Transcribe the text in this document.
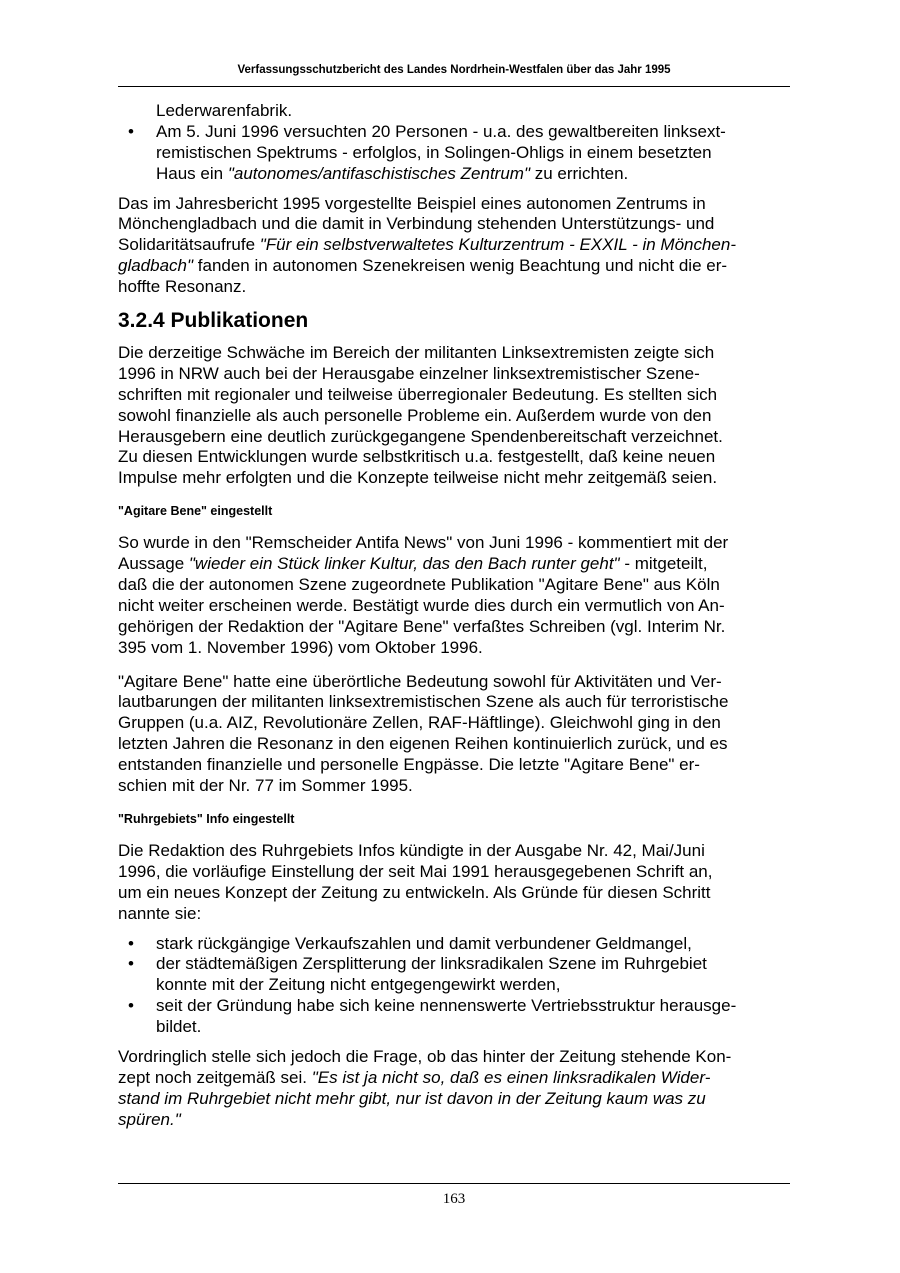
Verfassungsschutzbericht des Landes Nordrhein-Westfalen über das Jahr 1995
Lederwarenfabrik.
• Am 5. Juni 1996 versuchten 20 Personen - u.a. des gewaltbereiten linksext-
remistischen Spektrums - erfolglos, in Solingen-Ohligs in einem besetzten
Haus ein "autonomes/antifaschistisches Zentrum" zu errichten.
Das im Jahresbericht 1995 vorgestellte Beispiel eines autonomen Zentrums in
Mönchengladbach und die damit in Verbindung stehenden Unterstützungs- und
Solidaritätsaufrufe "Für ein selbstverwaltetes Kulturzentrum - EXXIL - in Mönchen-
gladbach" fanden in autonomen Szenekreisen wenig Beachtung und nicht die er-
hoffte Resonanz.
3.2.4 Publikationen
Die derzeitige Schwäche im Bereich der militanten Linksextremisten zeigte sich
1996 in NRW auch bei der Herausgabe einzelner linksextremistischer Szene-
schriften mit regionaler und teilweise überregionaler Bedeutung. Es stellten sich
sowohl finanzielle als auch personelle Probleme ein. Außerdem wurde von den
Herausgebern eine deutlich zurückgegangene Spendenbereitschaft verzeichnet.
Zu diesen Entwicklungen wurde selbstkritisch u.a. festgestellt, daß keine neuen
Impulse mehr erfolgten und die Konzepte teilweise nicht mehr zeitgemäß seien.
"Agitare Bene" eingestellt
So wurde in den "Remscheider Antifa News" von Juni 1996 - kommentiert mit der
Aussage "wieder ein Stück linker Kultur, das den Bach runter geht" - mitgeteilt,
daß die der autonomen Szene zugeordnete Publikation "Agitare Bene" aus Köln
nicht weiter erscheinen werde. Bestätigt wurde dies durch ein vermutlich von An-
gehörigen der Redaktion der "Agitare Bene" verfaßtes Schreiben (vgl. Interim Nr.
395 vom 1. November 1996) vom Oktober 1996.
"Agitare Bene" hatte eine überörtliche Bedeutung sowohl für Aktivitäten und Ver-
lautbarungen der militanten linksextremistischen Szene als auch für terroristische
Gruppen (u.a. AIZ, Revolutionäre Zellen, RAF-Häftlinge). Gleichwohl ging in den
letzten Jahren die Resonanz in den eigenen Reihen kontinuierlich zurück, und es
entstanden finanzielle und personelle Engpässe. Die letzte "Agitare Bene" er-
schien mit der Nr. 77 im Sommer 1995.
"Ruhrgebiets" Info eingestellt
Die Redaktion des Ruhrgebiets Infos kündigte in der Ausgabe Nr. 42, Mai/Juni
1996, die vorläufige Einstellung der seit Mai 1991 herausgegebenen Schrift an,
um ein neues Konzept der Zeitung zu entwickeln. Als Gründe für diesen Schritt
nannte sie:
• stark rückgängige Verkaufszahlen und damit verbundener Geldmangel,
• der städtemäßigen Zersplitterung der linksradikalen Szene im Ruhrgebiet
konnte mit der Zeitung nicht entgegengewirkt werden,
• seit der Gründung habe sich keine nennenswerte Vertriebsstruktur herausge-
bildet.
Vordringlich stelle sich jedoch die Frage, ob das hinter der Zeitung stehende Kon-
zept noch zeitgemäß sei. "Es ist ja nicht so, daß es einen linksradikalen Wider-
stand im Ruhrgebiet nicht mehr gibt, nur ist davon in der Zeitung kaum was zu
spüren."
163
